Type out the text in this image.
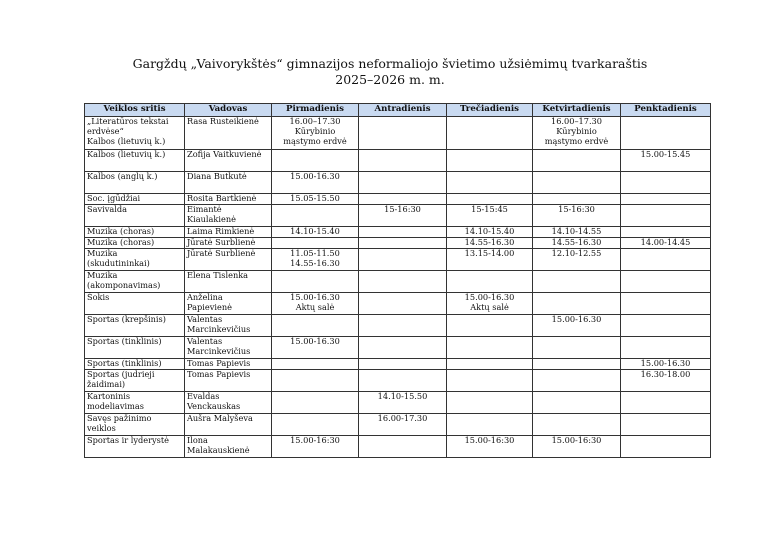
Gargždų „Vaivorykštės“ gimnazijos neformaliojo švietimo užsiėmimų tvarkaraštis
2025–2026 m. m.
Veiklos sritis	Vadovas	Pirmadienis	Antradienis	Trečiadienis	Ketvirtadienis	Penktadienis

„Literatūros tekstai
erdvėse“
Kalbos (lietuvių k.)	Rasa Rusteikienė	16.00–17.30
Kūrybinio
mąstymo erdvė			16.00–17.30
Kūrybinio
mąstymo erdvė	

Kalbos (lietuvių k.)	Zofija Vaitkuvienė					15.00-15.45

Kalbos (anglų k.)	Diana Butkutė	15.00-16.30				

Soc. įgūdžiai	Rosita Bartkienė	15.05-15.50				

Savivalda	Eimantė
Kiaulakienė		15-16:30	15-15:45	15-16:30	

Muzika (choras)	Laima Rimkienė	14.10-15.40		14.10-15.40	14.10-14.55	

Muzika (choras)	Jūratė Surblienė			14.55-16.30	14.55-16.30	14.00-14.45

Muzika
(skudutininkai)	Jūratė Surblienė	11.05-11.50
14.55-16.30		13.15-14.00	12.10-12.55	

Muzika
(akomponavimas)	Elena Tislenka					

Šokis	Anželina
Papievienė	15.00-16.30
Aktų salė		15.00-16.30
Aktų salė		

Sportas (krepšinis)	Valentas
Marcinkevičius				15.00-16.30	

Sportas (tinklinis)	Valentas
Marcinkevičius	15.00-16.30				

Sportas (tinklinis)	Tomas Papievis					15.00-16.30

Sportas (judrieji
žaidimai)	Tomas Papievis					16.30-18.00

Kartoninis
modeliavimas	Evaldas
Venckauskas		14.10-15.50			

Savęs pažinimo
veiklos	Aušra Malyševa		16.00-17.30			

Sportas ir lyderystė	Ilona
Malakauskienė	15.00-16:30		15.00-16:30	15.00-16:30	
